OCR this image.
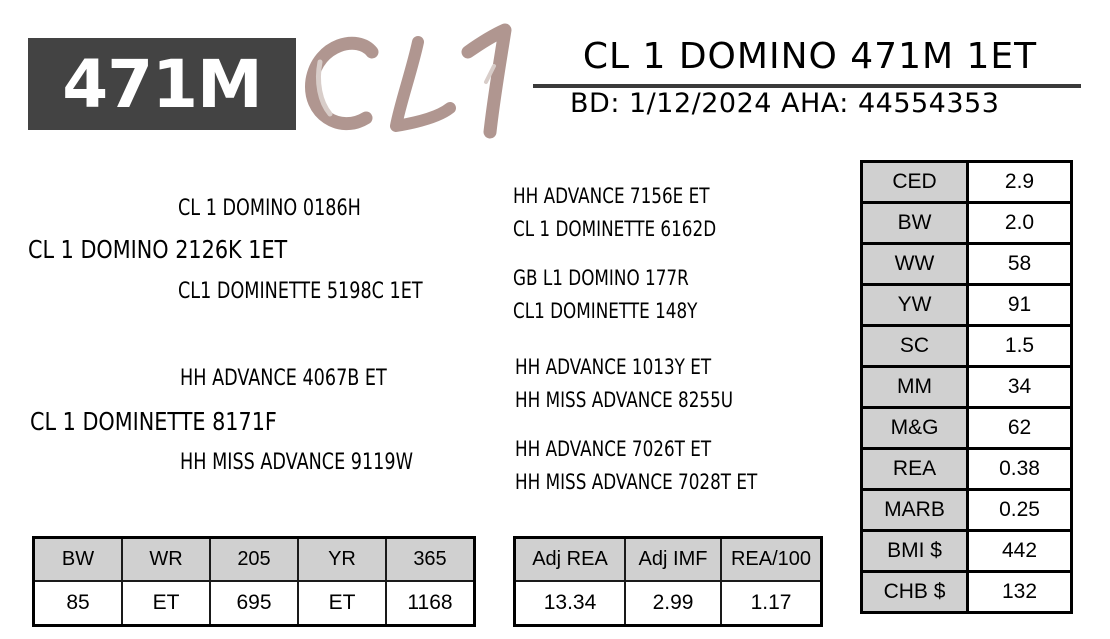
471M	CL 1 DOMINO 471M 1ET
BD: 1/12/2024 AHA: 44554353
CL 1 DOMINO 0186H
CL 1 DOMINO 2126K 1ET
CL1 DOMINETTE 5198C 1ET
HH ADVANCE 4067B ET
CL 1 DOMINETTE 8171F
HH MISS ADVANCE 9119W
HH ADVANCE 7156E ET
CL 1 DOMINETTE 6162D
GB L1 DOMINO 177R
CL1 DOMINETTE 148Y
HH ADVANCE 1013Y ET
HH MISS ADVANCE 8255U
HH ADVANCE 7026T ET
HH MISS ADVANCE 7028T ET
BW	WR	205	YR	365
85	ET	695	ET	1168
Adj REA	Adj IMF	REA/100
13.34	2.99	1.17
CED	2.9
BW	2.0
WW	58
YW	91
SC	1.5
MM	34
M&G	62
REA	0.38
MARB	0.25
BMI $	442
CHB $	132
